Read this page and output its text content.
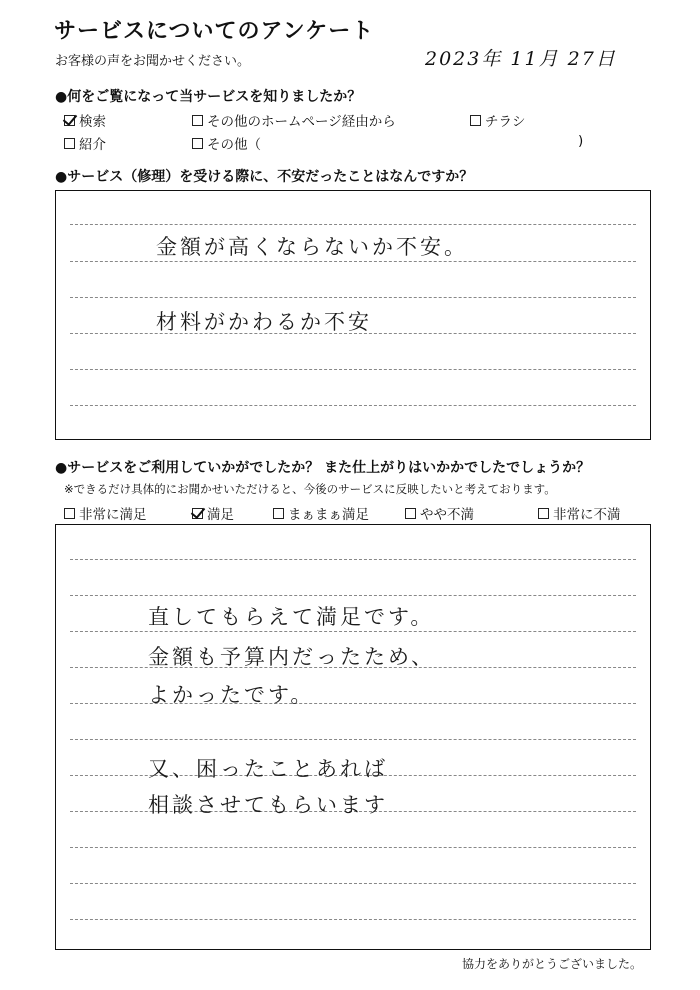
サービスについてのアンケート
お客様の声をお聞かせください。	2023年 11月 27日
●何をご覧になって当サービスを知りましたか？
検索	その他のホームページ経由から	チラシ
紹介	その他（	)
●サービス（修理）を受ける際に、不安だったことはなんですか？
金額が高くならないか不安。
材料がかわるか不安
●サービスをご利用していかがでしたか？ また仕上がりはいかかでしたでしょうか？
※できるだけ具体的にお聞かせいただけると、今後のサービスに反映したいと考えております。
非常に満足	満足	まぁまぁ満足	やや不満	非常に不満
直してもらえて満足です。
金額も予算内だったため、
よかったです。
又、困ったことあれば
相談させてもらいます
協力をありがとうございました。
